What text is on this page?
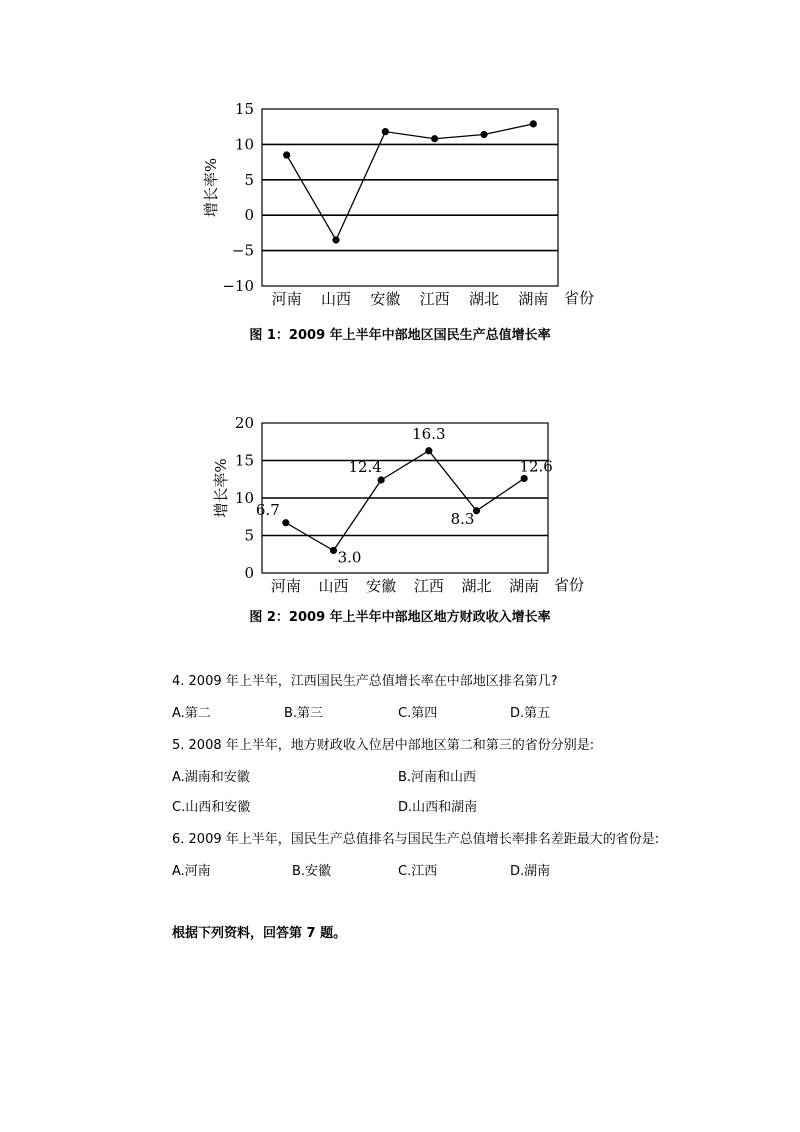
15
10
5
0
−5
−10
河南 山西 安徽 江西 湖北 湖南 省份
增长率%
20
15
10
5
0
河南 山西 安徽 江西 湖北 湖南 省份
增长率% 6.7
3.0
12.4
16.3
8.3
12.6
图 1：2009 年上半年中部地区国民生产总值增长率
图 2：2009 年上半年中部地区地方财政收入增长率
4. 2009 年上半年，江西国民生产总值增长率在中部地区排名第几?
A.第二	B.第三	C.第四	D.第五
5. 2008 年上半年，地方财政收入位居中部地区第二和第三的省份分别是:
A.湖南和安徽	B.河南和山西
C.山西和安徽	D.山西和湖南
6. 2009 年上半年，国民生产总值排名与国民生产总值增长率排名差距最大的省份是:
A.河南	B.安徽	C.江西	D.湖南
根据下列资料，回答第 7 题。
